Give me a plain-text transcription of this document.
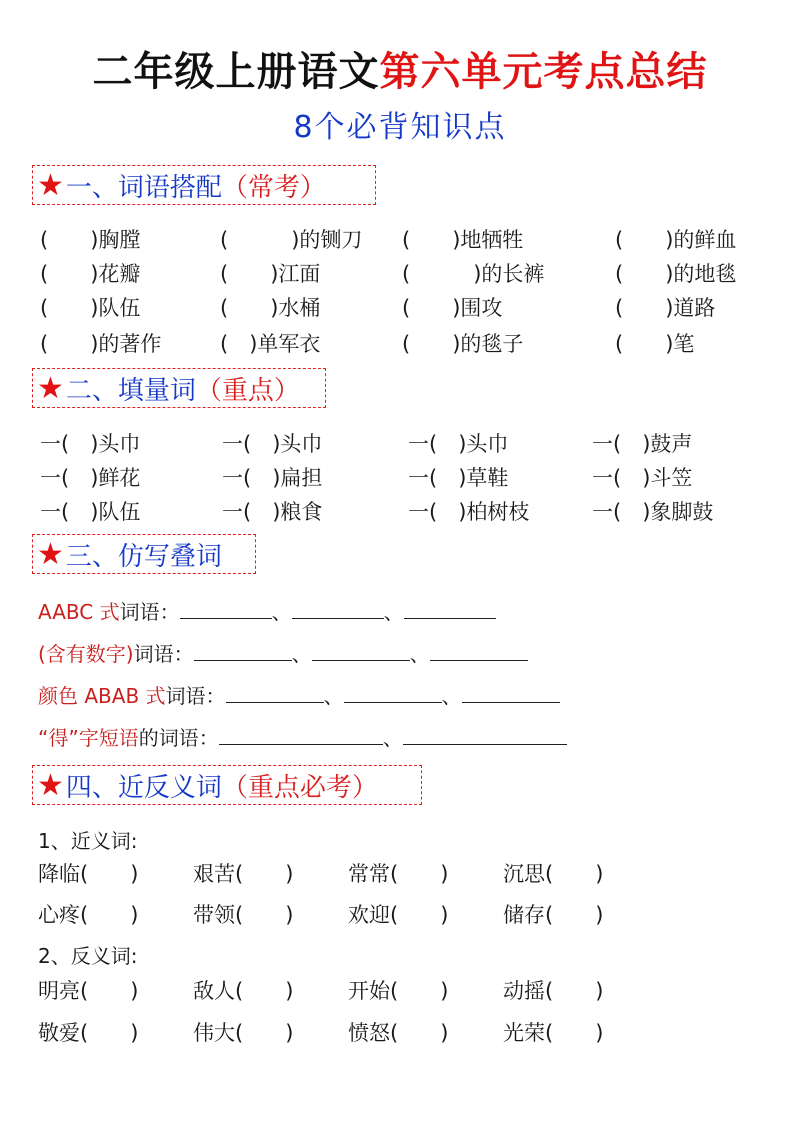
二年级上册语文第六单元考点总结
8个必背知识点
★ 一、词语搭配 （常考）
(　　)胸膛	(　　　)的铡刀 (　　)地牺牲	(　　)的鲜血
(　　)花瓣	(　　)江面	(　　　)的长裤	(　　)的地毯
(　　)队伍	(　　)水桶	(　　)围攻	(　　)道路
(　　)的著作	(　)单军衣	(　　)的毯子	(　　)笔
★ 二、填量词 （重点）
一(　)头巾	一(　)头巾	一(　)头巾	一(　)鼓声
一(　)鲜花	一(　)扁担	一(　)草鞋	一(　)斗笠
一(　)队伍	一(　)粮食	一(　)柏树枝	一(　)象脚鼓
★ 三、仿写叠词
AABC 式词语：	、	、
(含有数字)词语：	、	、
颜色 ABAB 式词语：	、	、
“得”字短语的词语：	、
★ 四、近反义词 （重点必考）
1、近义词:
降临(　　)	艰苦(　　)	常常(　　)	沉思(　　)
心疼(　　)	带领(　　)	欢迎(　　)	储存(　　)
2、反义词:
明亮(　　)	敌人(　　)	开始(　　)	动摇(　　)
敬爱(　　)	伟大(　　)	愤怒(　　)	光荣(　　)
